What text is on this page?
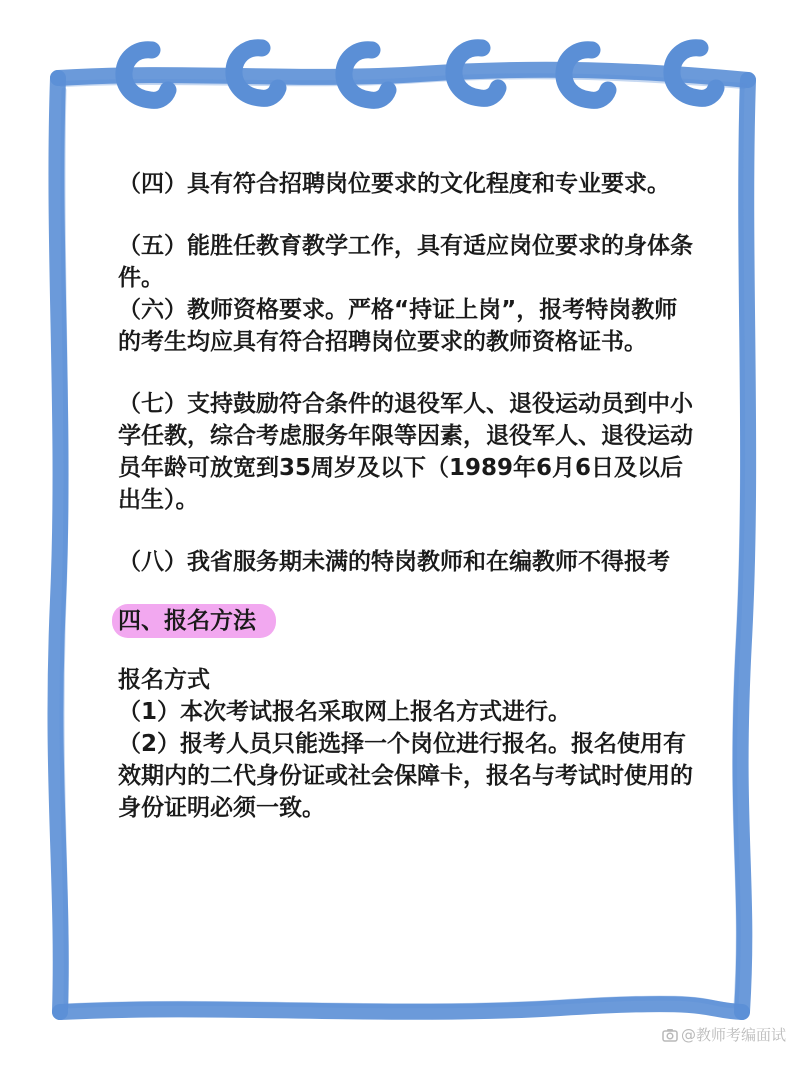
（四）具有符合招聘岗位要求的文化程度和专业要求。

（五）能胜任教育教学工作，具有适应岗位要求的身体条件。

（六）教师资格要求。严格“持证上岗”，报考特岗教师的考生均应具有符合招聘岗位要求的教师资格证书。

（七）支持鼓励符合条件的退役军人、退役运动员到中小学任教，综合考虑服务年限等因素，退役军人、退役运动员年龄可放宽到35周岁及以下（1989年6月6日及以后出生）。

（八）我省服务期未满的特岗教师和在编教师不得报考

四、报名方法

报名方式

（1）本次考试报名采取网上报名方式进行。

（2）报考人员只能选择一个岗位进行报名。报名使用有效期内的二代身份证或社会保障卡，报名与考试时使用的身份证明必须一致。

@教师考编面试
